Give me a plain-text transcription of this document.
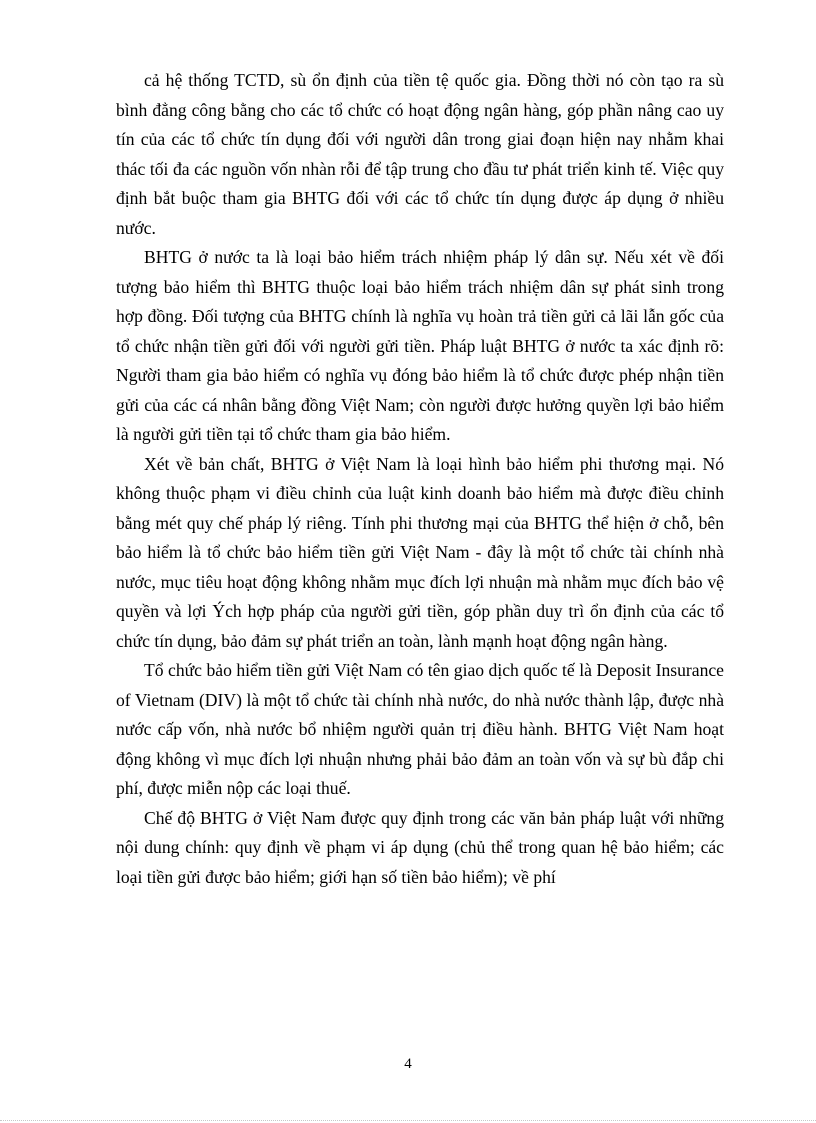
cả hệ thống TCTD, sù ổn định của tiền tệ quốc gia. Đồng thời nó còn tạo ra sù bình đẳng công bằng cho các tổ chức có hoạt động ngân hàng, góp phần nâng cao uy tín của các tổ chức tín dụng đối với người dân trong giai đoạn hiện nay nhằm khai thác tối đa các nguồn vốn nhàn rỗi để tập trung cho đầu tư phát triển kinh tế. Việc quy định bắt buộc tham gia BHTG đối với các tổ chức tín dụng được áp dụng ở nhiều nước.

BHTG ở nước ta là loại bảo hiểm trách nhiệm pháp lý dân sự. Nếu xét về đối tượng bảo hiểm thì BHTG thuộc loại bảo hiểm trách nhiệm dân sự phát sinh trong hợp đồng. Đối tượng của BHTG chính là nghĩa vụ hoàn trả tiền gửi cả lãi lẫn gốc của tổ chức nhận tiền gửi đối với người gửi tiền. Pháp luật BHTG ở nước ta xác định rõ: Người tham gia bảo hiểm có nghĩa vụ đóng bảo hiểm là tổ chức được phép nhận tiền gửi của các cá nhân bằng đồng Việt Nam; còn người được hưởng quyền lợi bảo hiểm là người gửi tiền tại tổ chức tham gia bảo hiểm.

Xét về bản chất, BHTG ở Việt Nam là loại hình bảo hiểm phi thương mại. Nó không thuộc phạm vi điều chỉnh của luật kinh doanh bảo hiểm mà được điều chỉnh bằng mét quy chế pháp lý riêng. Tính phi thương mại của BHTG thể hiện ở chỗ, bên bảo hiểm là tổ chức bảo hiểm tiền gửi Việt Nam - đây là một tổ chức tài chính nhà nước, mục tiêu hoạt động không nhằm mục đích lợi nhuận mà nhằm mục đích bảo vệ quyền và lợi Ých hợp pháp của người gửi tiền, góp phần duy trì ổn định của các tổ chức tín dụng, bảo đảm sự phát triển an toàn, lành mạnh hoạt động ngân hàng.

Tổ chức bảo hiểm tiền gửi Việt Nam có tên giao dịch quốc tế là Deposit Insurance of Vietnam (DIV) là một tổ chức tài chính nhà nước, do nhà nước thành lập, được nhà nước cấp vốn, nhà nước bổ nhiệm người quản trị điều hành. BHTG Việt Nam hoạt động không vì mục đích lợi nhuận nhưng phải bảo đảm an toàn vốn và sự bù đắp chi phí, được miễn nộp các loại thuế.

Chế độ BHTG ở Việt Nam được quy định trong các văn bản pháp luật với những nội dung chính: quy định về phạm vi áp dụng (chủ thể trong quan hệ bảo hiểm; các loại tiền gửi được bảo hiểm; giới hạn số tiền bảo hiểm); về phí

4
